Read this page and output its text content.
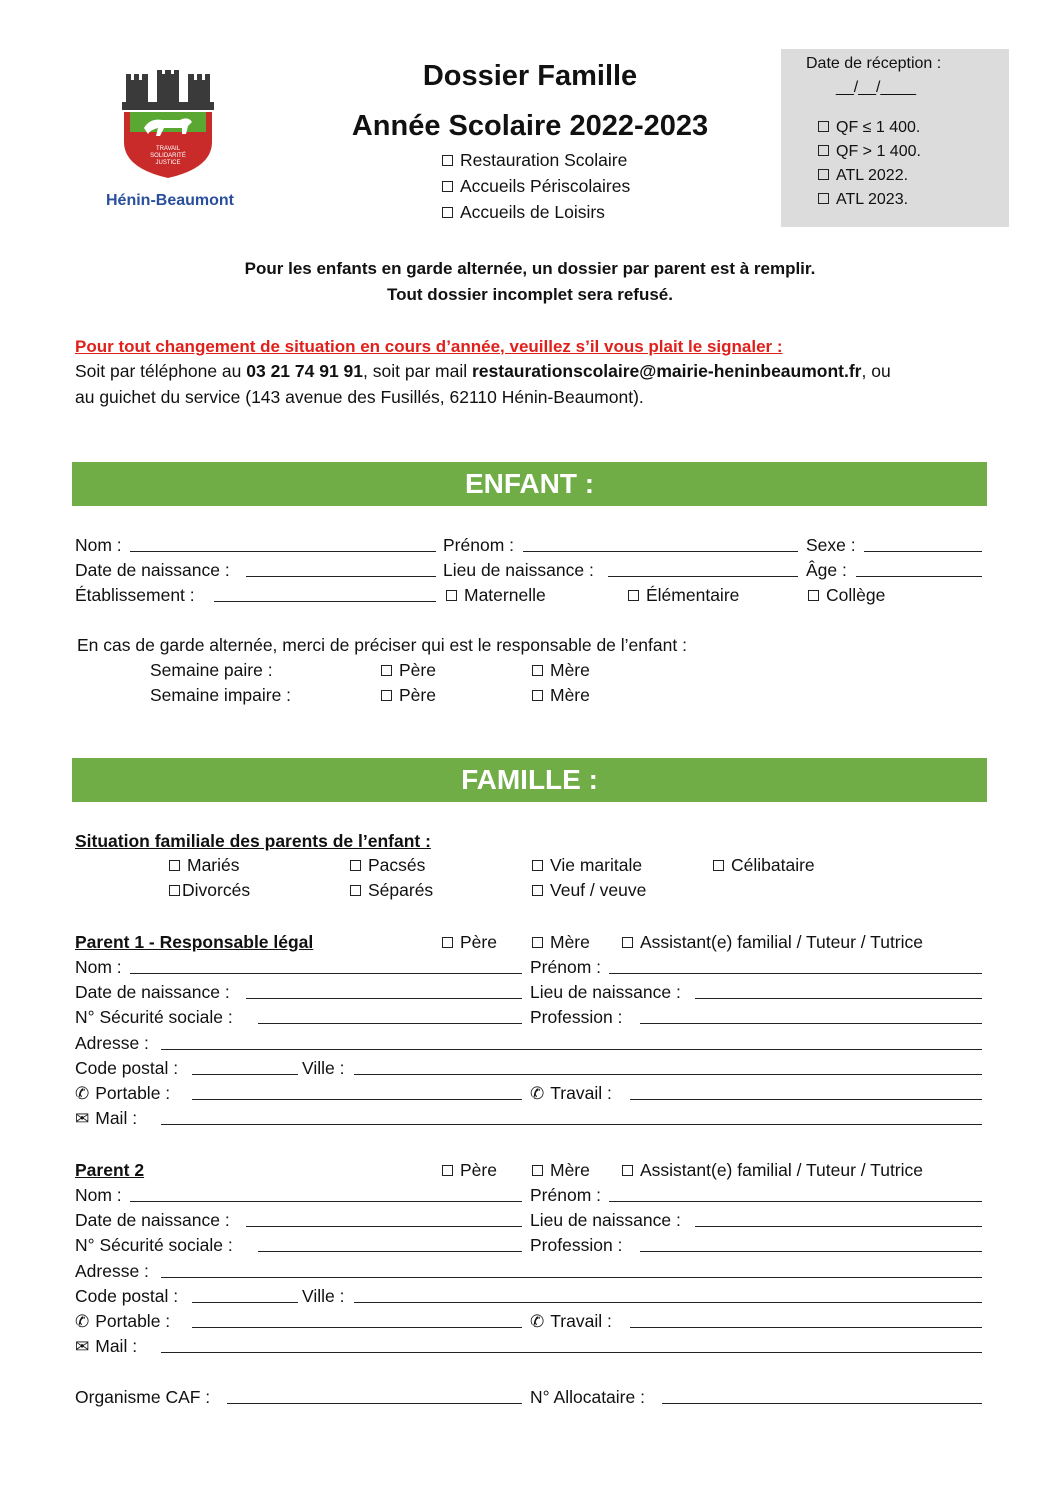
TRAVAIL
SOLIDARITÉ
JUSTICE
Hénin-Beaumont
Dossier Famille
Année Scolaire 2022-2023
Restauration Scolaire
Accueils Périscolaires
Accueils de Loisirs
Date de réception :
__/__/____
QF ≤ 1 400.
QF > 1 400.
ATL 2022.
ATL 2023.
Pour les enfants en garde alternée, un dossier par parent est à remplir.
Tout dossier incomplet sera refusé.
Pour tout changement de situation en cours d’année, veuillez s’il vous plait le signaler :
Soit par téléphone au 03 21 74 91 91, soit par mail restaurationscolaire@mairie-heninbeaumont.fr, ou
au guichet du service (143 avenue des Fusillés, 62110 Hénin-Beaumont).
ENFANT :
Nom :	Prénom :	Sexe :
Date de naissance :	Lieu de naissance :	Âge :
Établissement :	Maternelle	Élémentaire	Collège
En cas de garde alternée, merci de préciser qui est le responsable de l’enfant :
Semaine paire :	Père	Mère
Semaine impaire :	Père	Mère
FAMILLE :
Situation familiale des parents de l’enfant :
Mariés	Pacsés	Vie maritale	Célibataire
Divorcés	Séparés	Veuf / veuve
Parent 1 - Responsable légal	Père	Mère	Assistant(e) familial / Tuteur / Tutrice
Nom :	Prénom :
Date de naissance :	Lieu de naissance :
N° Sécurité sociale :	Profession :
Adresse :
Code postal :	Ville :
✆ Portable :	✆ Travail :
✉ Mail :
Parent 2	Père	Mère	Assistant(e) familial / Tuteur / Tutrice
Nom :	Prénom :
Date de naissance :	Lieu de naissance :
N° Sécurité sociale :	Profession :
Adresse :
Code postal :	Ville :
✆ Portable :	✆ Travail :
✉ Mail :
Organisme CAF :	N° Allocataire :
